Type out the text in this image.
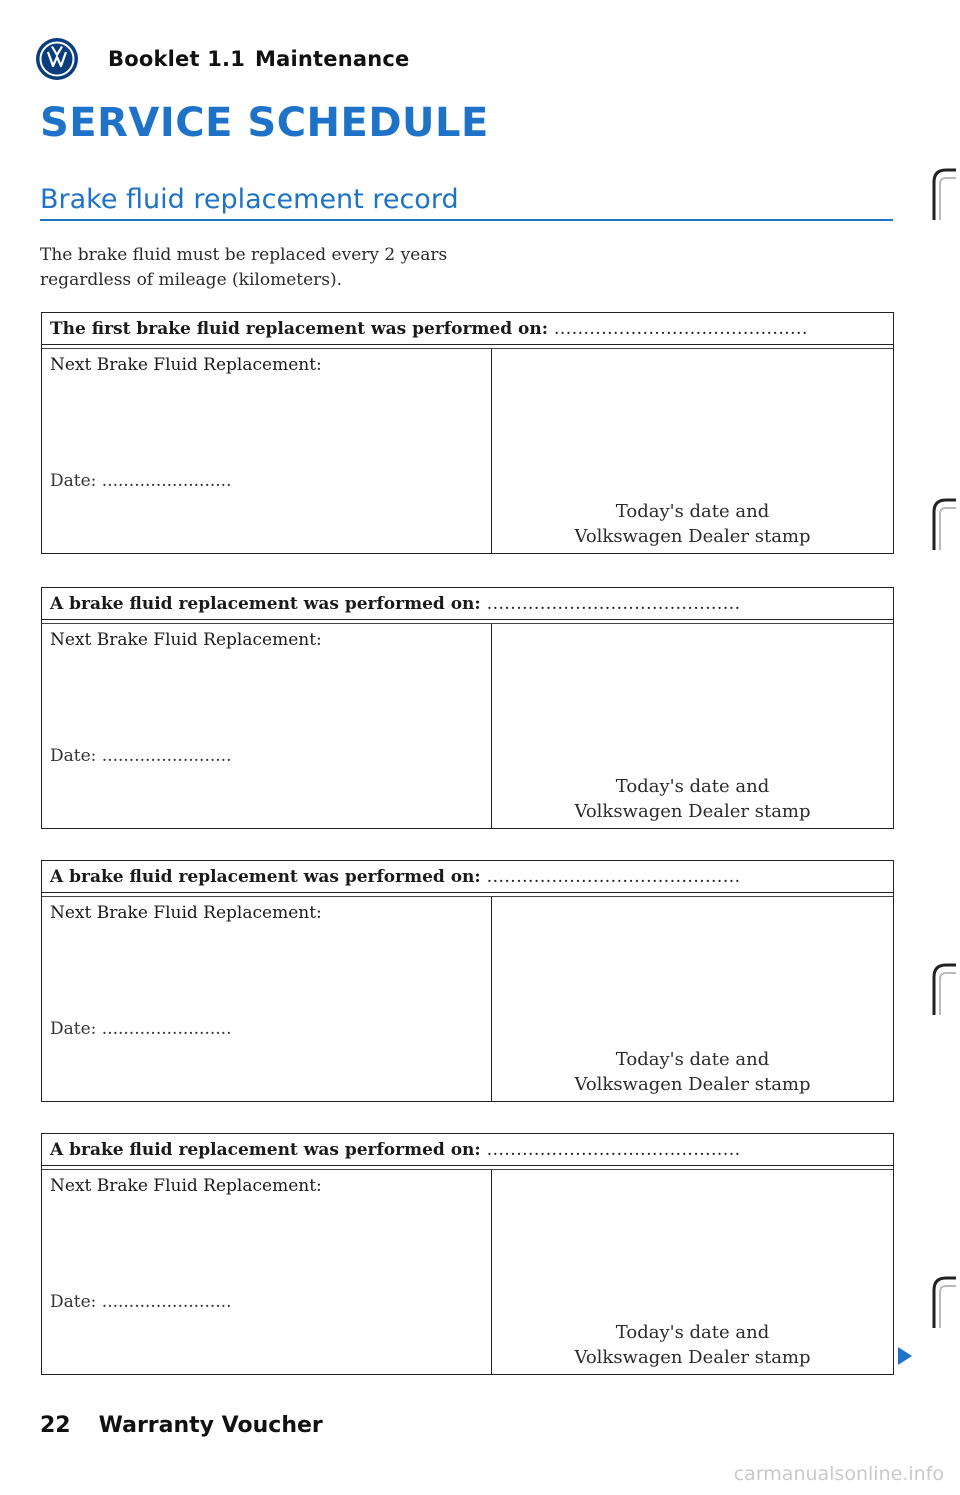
Booklet 1.1 Maintenance
SERVICE SCHEDULE
Brake fluid replacement record
The brake fluid must be replaced every 2 years
regardless of mileage (kilometers).
The first brake fluid replacement was performed on: ...........................................
Next Brake Fluid Replacement:
Date: ........................
Today's date and
Volkswagen Dealer stamp
A brake fluid replacement was performed on: ...........................................
Next Brake Fluid Replacement:
Date: ........................
Today's date and
Volkswagen Dealer stamp
A brake fluid replacement was performed on: ...........................................
Next Brake Fluid Replacement:
Date: ........................
Today's date and
Volkswagen Dealer stamp
A brake fluid replacement was performed on: ...........................................
Next Brake Fluid Replacement:
Date: ........................
Today's date and
Volkswagen Dealer stamp
22 Warranty Voucher
carmanualsonline.info
